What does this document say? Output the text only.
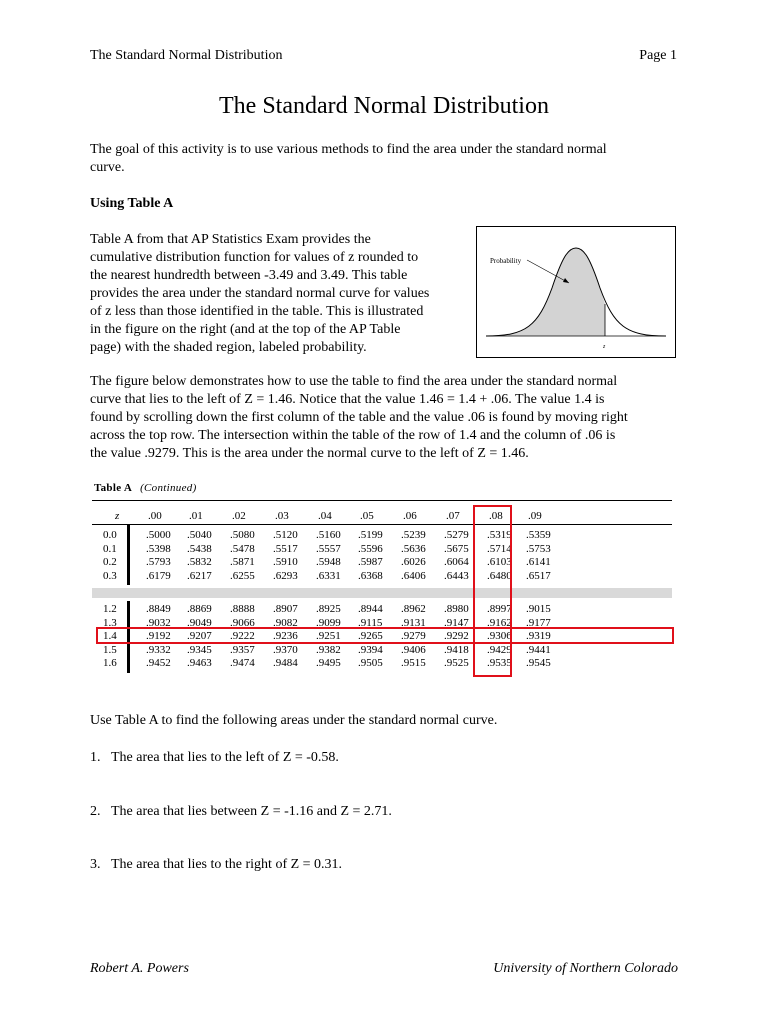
The Standard Normal Distribution	Page 1
The Standard Normal Distribution
The goal of this activity is to use various methods to find the area under the standard normal
curve.
Using Table A
Table A from that AP Statistics Exam provides the
cumulative distribution function for values of z rounded to
the nearest hundredth between -3.49 and 3.49. This table
provides the area under the standard normal curve for values
of z less than those identified in the table. This is illustrated
in the figure on the right (and at the top of the AP Table
page) with the shaded region, labeled probability.
Probability
z
The figure below demonstrates how to use the table to find the area under the standard normal
curve that lies to the left of Z = 1.46. Notice that the value 1.46 = 1.4 + .06. The value 1.4 is
found by scrolling down the first column of the table and the value .06 is found by moving right
across the top row. The intersection within the table of the row of 1.4 and the column of .06 is
the value .9279. This is the area under the normal curve to the left of Z = 1.46.
Table A (Continued)
z	.00 .01	.02	.03	.04	.05	.06	.07	.08 .09
0.0	.5000 .5040 .5080 .5120 .5160 .5199 .5239 .5279 .5319 .5359
0.1	.5398 .5438 .5478 .5517 .5557 .5596 .5636 .5675 .5714 .5753
0.2	.5793 .5832 .5871 .5910 .5948 .5987 .6026 .6064 .6103 .6141
0.3	.6179 .6217 .6255 .6293 .6331 .6368 .6406 .6443 .6480 .6517
1.2	.8849 .8869 .8888 .8907 .8925 .8944 .8962 .8980 .8997 .9015
1.3	.9032 .9049 .9066 .9082 .9099 .9115 .9131 .9147 .9162 .9177
1.4	.9192 .9207 .9222 .9236 .9251 .9265 .9279 .9292 .9306 .9319
1.5	.9332 .9345 .9357 .9370 .9382 .9394 .9406 .9418 .9429 .9441
1.6	.9452 .9463 .9474 .9484 .9495 .9505 .9515 .9525 .9535 .9545
Use Table A to find the following areas under the standard normal curve.
1. The area that lies to the left of Z = -0.58.
2. The area that lies between Z = -1.16 and Z = 2.71.
3. The area that lies to the right of Z = 0.31.
Robert A. Powers	University of Northern Colorado
